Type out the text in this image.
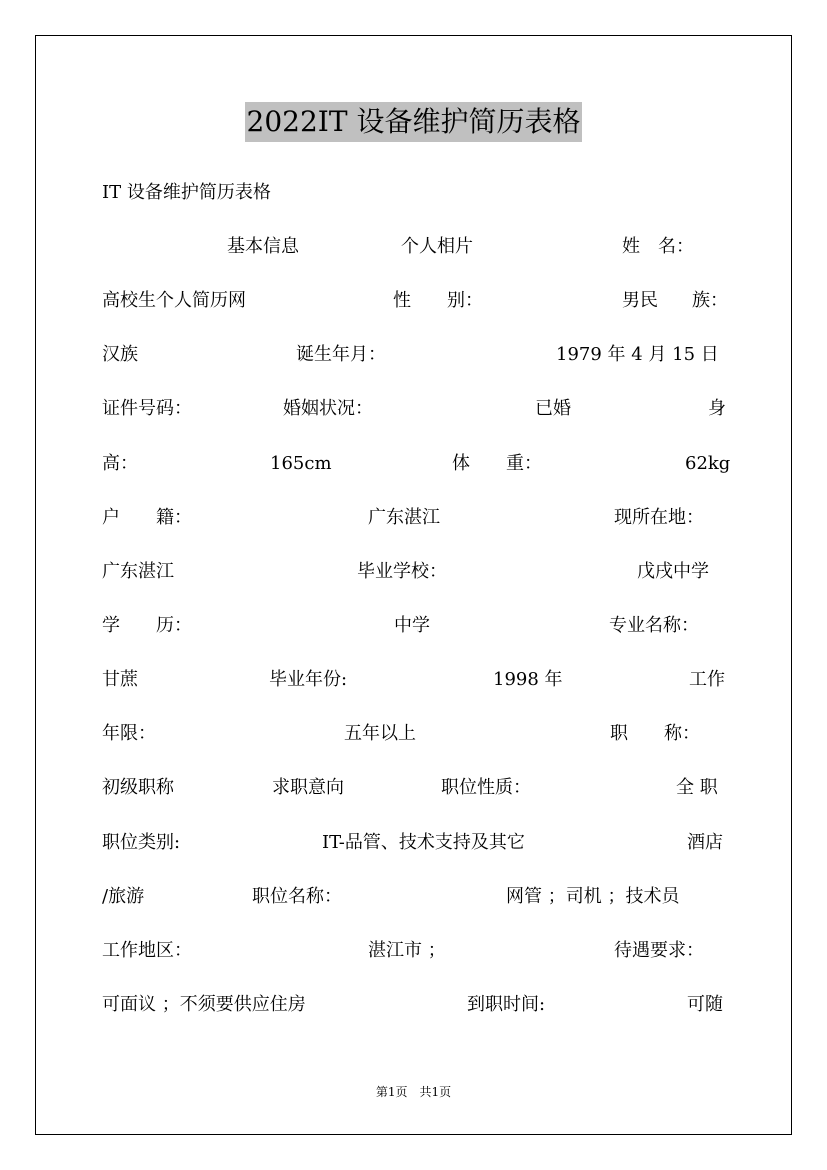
2022IT 设备维护简历表格
IT 设备维护简历表格
基本信息	个人相片	姓　名：
高校生个人简历网	性　　别：	男民 族：
汉族	诞生年月：	1979 年 4 月 15 日
证件号码：	婚姻状况：	已婚	身
高：	165cm	体　　重：	62kg
户　　籍：	广东湛江	现所在地：
广东湛江	毕业学校：	戊戌中学
学　　历：	中学	专业名称：
甘蔗	毕业年份:	1998 年	工作
年限：	五年以上	职　　称：
初级职称	求职意向	职位性质：	全 职
职位类别:	IT-品管、技术支持及其它	酒店
/旅游	职位名称：	网管 ；司机 ；技术员
工作地区：	湛江市 ；	待遇要求：
可面议 ；不须要供应住房	到职时间:	可随
第1页　共1页
